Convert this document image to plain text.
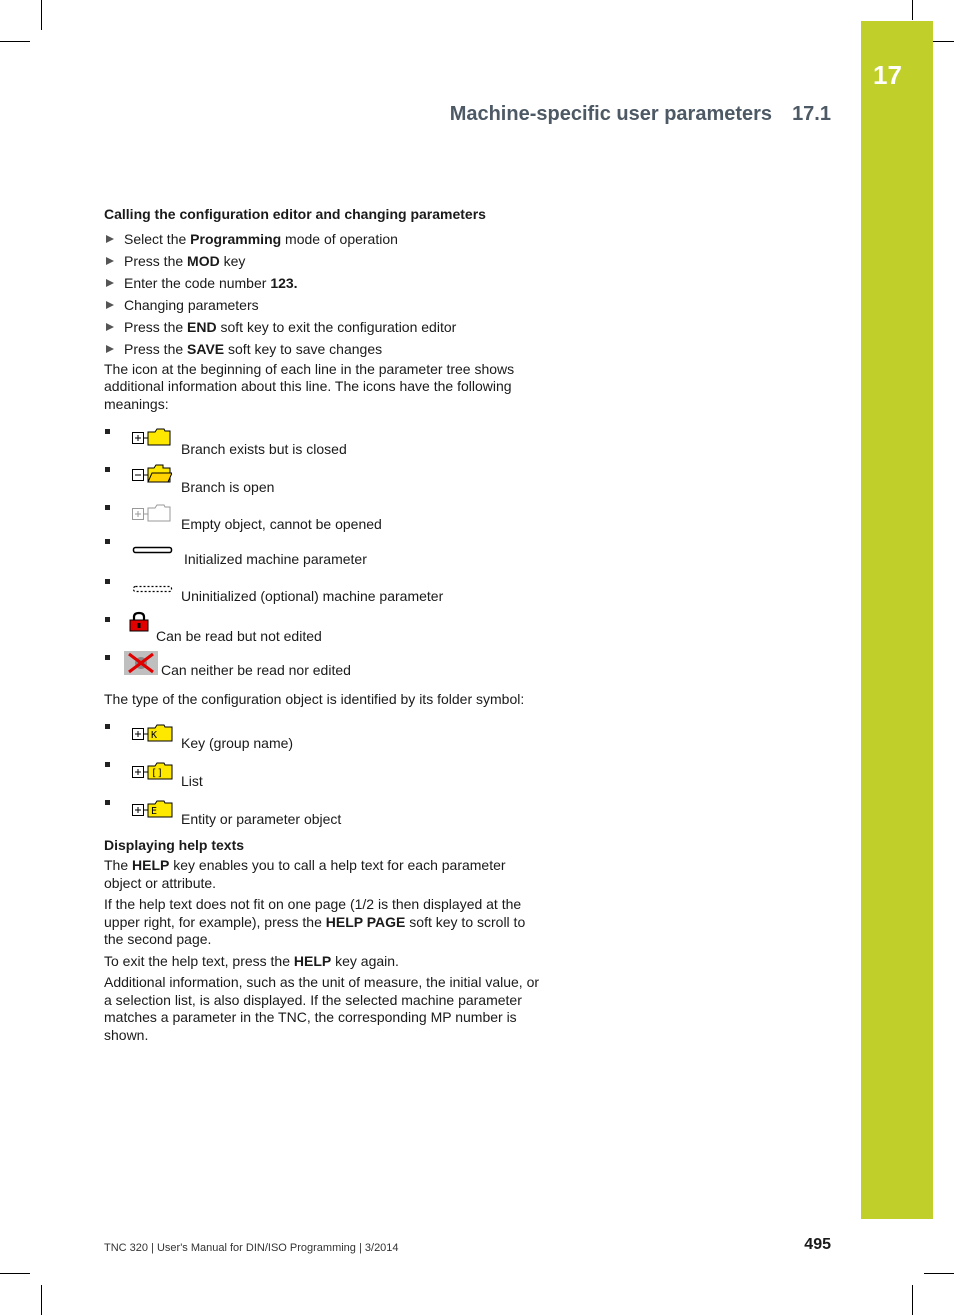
17
Machine-specific user parameters 17.1
Calling the configuration editor and changing parameters
Select the Programming mode of operation
Press the MOD key
Enter the code number 123.
Changing parameters
Press the END soft key to exit the configuration editor
Press the SAVE soft key to save changes

The icon at the beginning of each line in the parameter tree shows additional information about this line. The icons have the following meanings:

Branch exists but is closed
Branch is open
Empty object, cannot be opened
Initialized machine parameter
Uninitialized (optional) machine parameter
Can be read but not edited
Can neither be read nor edited

The type of the configuration object is identified by its folder symbol:

K Key (group name)
[] List
E Entity or parameter object
Displaying help texts

The HELP key enables you to call a help text for each parameter object or attribute.

If the help text does not fit on one page (1/2 is then displayed at the upper right, for example), press the HELP PAGE soft key to scroll to the second page.

To exit the help text, press the HELP key again.

Additional information, such as the unit of measure, the initial value, or a selection list, is also displayed. If the selected machine parameter matches a parameter in the TNC, the corresponding MP number is shown.

TNC 320 | User's Manual for DIN/ISO Programming | 3/2014	495
